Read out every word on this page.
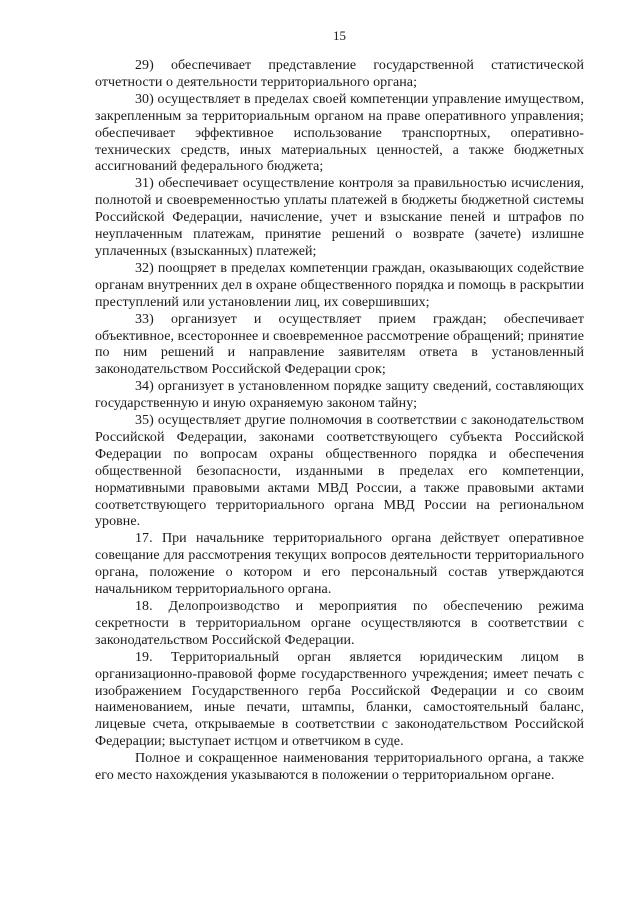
15

29) обеспечивает представление государственной статистической отчетности о деятельности территориального органа;

30) осуществляет в пределах своей компетенции управление имуществом, закрепленным за территориальным органом на праве оперативного управления; обеспечивает эффективное использование транспортных, оперативно-технических средств, иных материальных ценностей, а также бюджетных ассигнований федерального бюджета;

31) обеспечивает осуществление контроля за правильностью исчисления, полнотой и своевременностью уплаты платежей в бюджеты бюджетной системы Российской Федерации, начисление, учет и взыскание пеней и штрафов по неуплаченным платежам, принятие решений о возврате (зачете) излишне уплаченных (взысканных) платежей;

32) поощряет в пределах компетенции граждан, оказывающих содействие органам внутренних дел в охране общественного порядка и помощь в раскрытии преступлений или установлении лиц, их совершивших;

33) организует и осуществляет прием граждан; обеспечивает объективное, всестороннее и своевременное рассмотрение обращений; принятие по ним решений и направление заявителям ответа в установленный законодательством Российской Федерации срок;

34) организует в установленном порядке защиту сведений, составляющих государственную и иную охраняемую законом тайну;

35) осуществляет другие полномочия в соответствии с законодательством Российской Федерации, законами соответствующего субъекта Российской Федерации по вопросам охраны общественного порядка и обеспечения общественной безопасности, изданными в пределах его компетенции, нормативными правовыми актами МВД России, а также правовыми актами соответствующего территориального органа МВД России на региональном уровне.

17. При начальнике территориального органа действует оперативное совещание для рассмотрения текущих вопросов деятельности территориального органа, положение о котором и его персональный состав утверждаются начальником территориального органа.

18. Делопроизводство и мероприятия по обеспечению режима секретности в территориальном органе осуществляются в соответствии с законодательством Российской Федерации.

19. Территориальный орган является юридическим лицом в организационно-правовой форме государственного учреждения; имеет печать с изображением Государственного герба Российской Федерации и со своим наименованием, иные печати, штампы, бланки, самостоятельный баланс, лицевые счета, открываемые в соответствии с законодательством Российской Федерации; выступает истцом и ответчиком в суде.

Полное и сокращенное наименования территориального органа, а также его место нахождения указываются в положении о территориальном органе.
